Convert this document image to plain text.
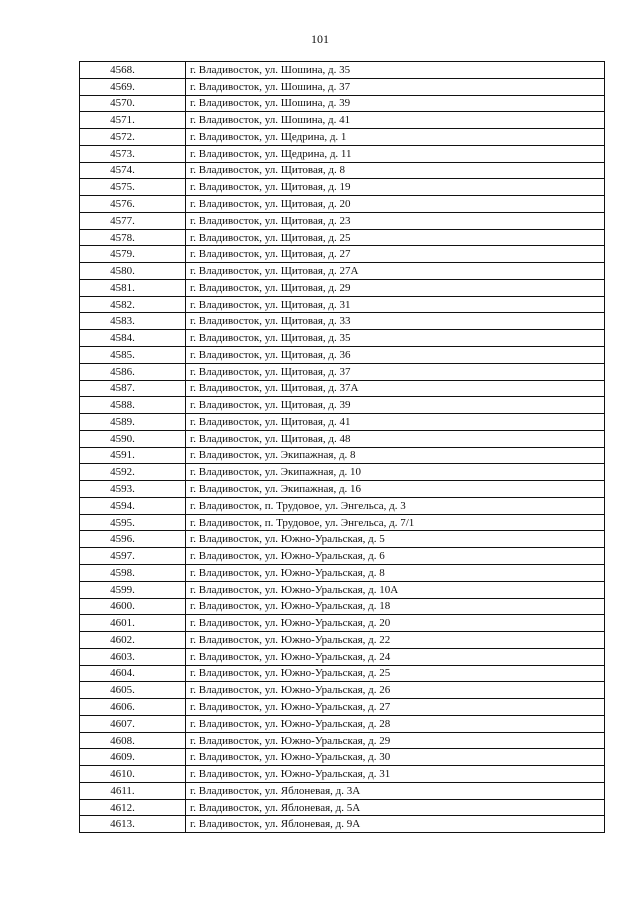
101
4568.	г. Владивосток, ул. Шошина, д. 35
4569.	г. Владивосток, ул. Шошина, д. 37
4570.	г. Владивосток, ул. Шошина, д. 39
4571.	г. Владивосток, ул. Шошина, д. 41
4572.	г. Владивосток, ул. Щедрина, д. 1
4573.	г. Владивосток, ул. Щедрина, д. 11
4574.	г. Владивосток, ул. Щитовая, д. 8
4575.	г. Владивосток, ул. Щитовая, д. 19
4576.	г. Владивосток, ул. Щитовая, д. 20
4577.	г. Владивосток, ул. Щитовая, д. 23
4578.	г. Владивосток, ул. Щитовая, д. 25
4579.	г. Владивосток, ул. Щитовая, д. 27
4580.	г. Владивосток, ул. Щитовая, д. 27А
4581.	г. Владивосток, ул. Щитовая, д. 29
4582.	г. Владивосток, ул. Щитовая, д. 31
4583.	г. Владивосток, ул. Щитовая, д. 33
4584.	г. Владивосток, ул. Щитовая, д. 35
4585.	г. Владивосток, ул. Щитовая, д. 36
4586.	г. Владивосток, ул. Щитовая, д. 37
4587.	г. Владивосток, ул. Щитовая, д. 37А
4588.	г. Владивосток, ул. Щитовая, д. 39
4589.	г. Владивосток, ул. Щитовая, д. 41
4590.	г. Владивосток, ул. Щитовая, д. 48
4591.	г. Владивосток, ул. Экипажная, д. 8
4592.	г. Владивосток, ул. Экипажная, д. 10
4593.	г. Владивосток, ул. Экипажная, д. 16
4594.	г. Владивосток, п. Трудовое, ул. Энгельса, д. 3
4595.	г. Владивосток, п. Трудовое, ул. Энгельса, д. 7/1
4596.	г. Владивосток, ул. Южно-Уральская, д. 5
4597.	г. Владивосток, ул. Южно-Уральская, д. 6
4598.	г. Владивосток, ул. Южно-Уральская, д. 8
4599.	г. Владивосток, ул. Южно-Уральская, д. 10А
4600.	г. Владивосток, ул. Южно-Уральская, д. 18
4601.	г. Владивосток, ул. Южно-Уральская, д. 20
4602.	г. Владивосток, ул. Южно-Уральская, д. 22
4603.	г. Владивосток, ул. Южно-Уральская, д. 24
4604.	г. Владивосток, ул. Южно-Уральская, д. 25
4605.	г. Владивосток, ул. Южно-Уральская, д. 26
4606.	г. Владивосток, ул. Южно-Уральская, д. 27
4607.	г. Владивосток, ул. Южно-Уральская, д. 28
4608.	г. Владивосток, ул. Южно-Уральская, д. 29
4609.	г. Владивосток, ул. Южно-Уральская, д. 30
4610.	г. Владивосток, ул. Южно-Уральская, д. 31
4611.	г. Владивосток, ул. Яблоневая, д. 3А
4612.	г. Владивосток, ул. Яблоневая, д. 5А
4613.	г. Владивосток, ул. Яблоневая, д. 9А
